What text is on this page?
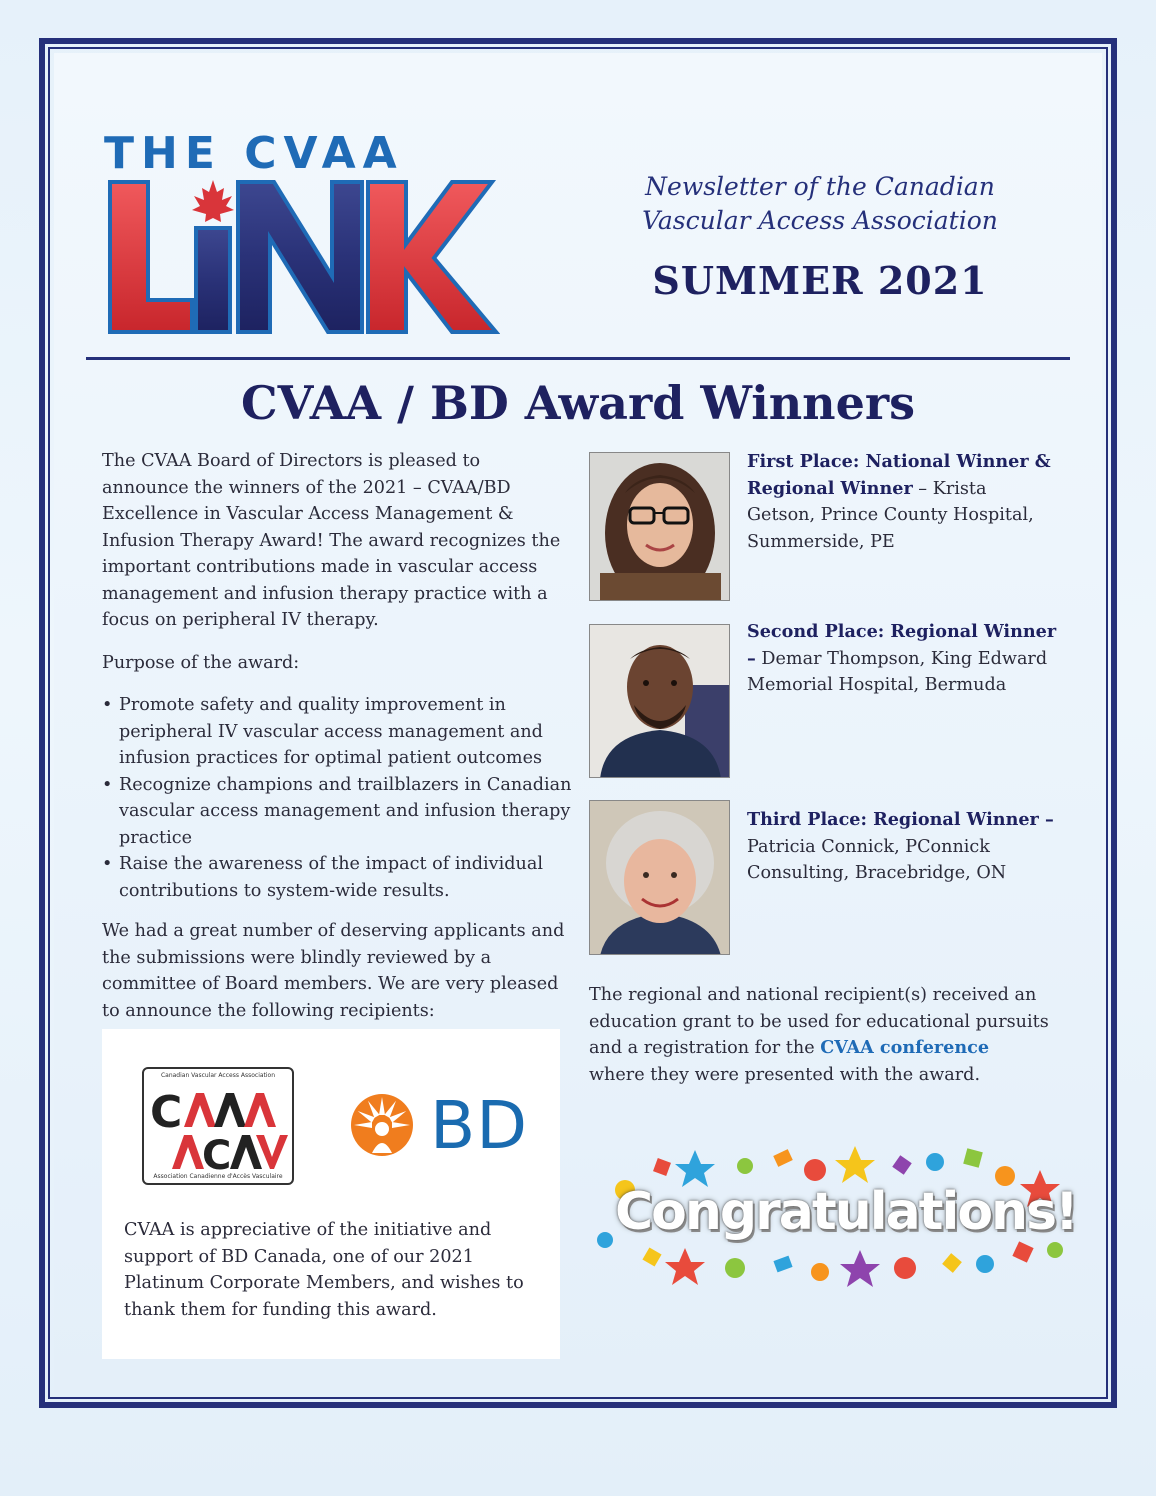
THE CVAA
Newsletter of the Canadian
Vascular Access Association
SUMMER 2021
CVAA / BD Award Winners

The CVAA Board of Directors is pleased to announce the winners of the 2021 – CVAA/BD Excellence in Vascular Access Management & Infusion Therapy Award! The award recognizes the important contributions made in vascular access management and infusion therapy practice with a focus on peripheral IV therapy.

Purpose of the award:

• Promote safety and quality improvement in peripheral IV vascular access management and infusion practices for optimal patient outcomes
• Recognize champions and trailblazers in Canadian vascular access management and infusion therapy practice
• Raise the awareness of the impact of individual contributions to system-wide results.

We had a great number of deserving applicants and the submissions were blindly reviewed by a committee of Board members. We are very pleased to announce the following recipients:

Canadian Vascular Access Association
C
C
Association Canadienne d'Accès Vasculaire
BD
CVAA is appreciative of the initiative and support of BD Canada, one of our 2021 Platinum Corporate Members, and wishes to thank them for funding this award.
First Place: National Winner & Regional Winner – Krista Getson, Prince County Hospital, Summerside, PE
Second Place: Regional Winner – Demar Thompson, King Edward Memorial Hospital, Bermuda
Third Place: Regional Winner – Patricia Connick, PConnick Consulting, Bracebridge, ON
The regional and national recipient(s) received an education grant to be used for educational pursuits and a registration for the CVAA conference where they were presented with the award.
Congratulations!
